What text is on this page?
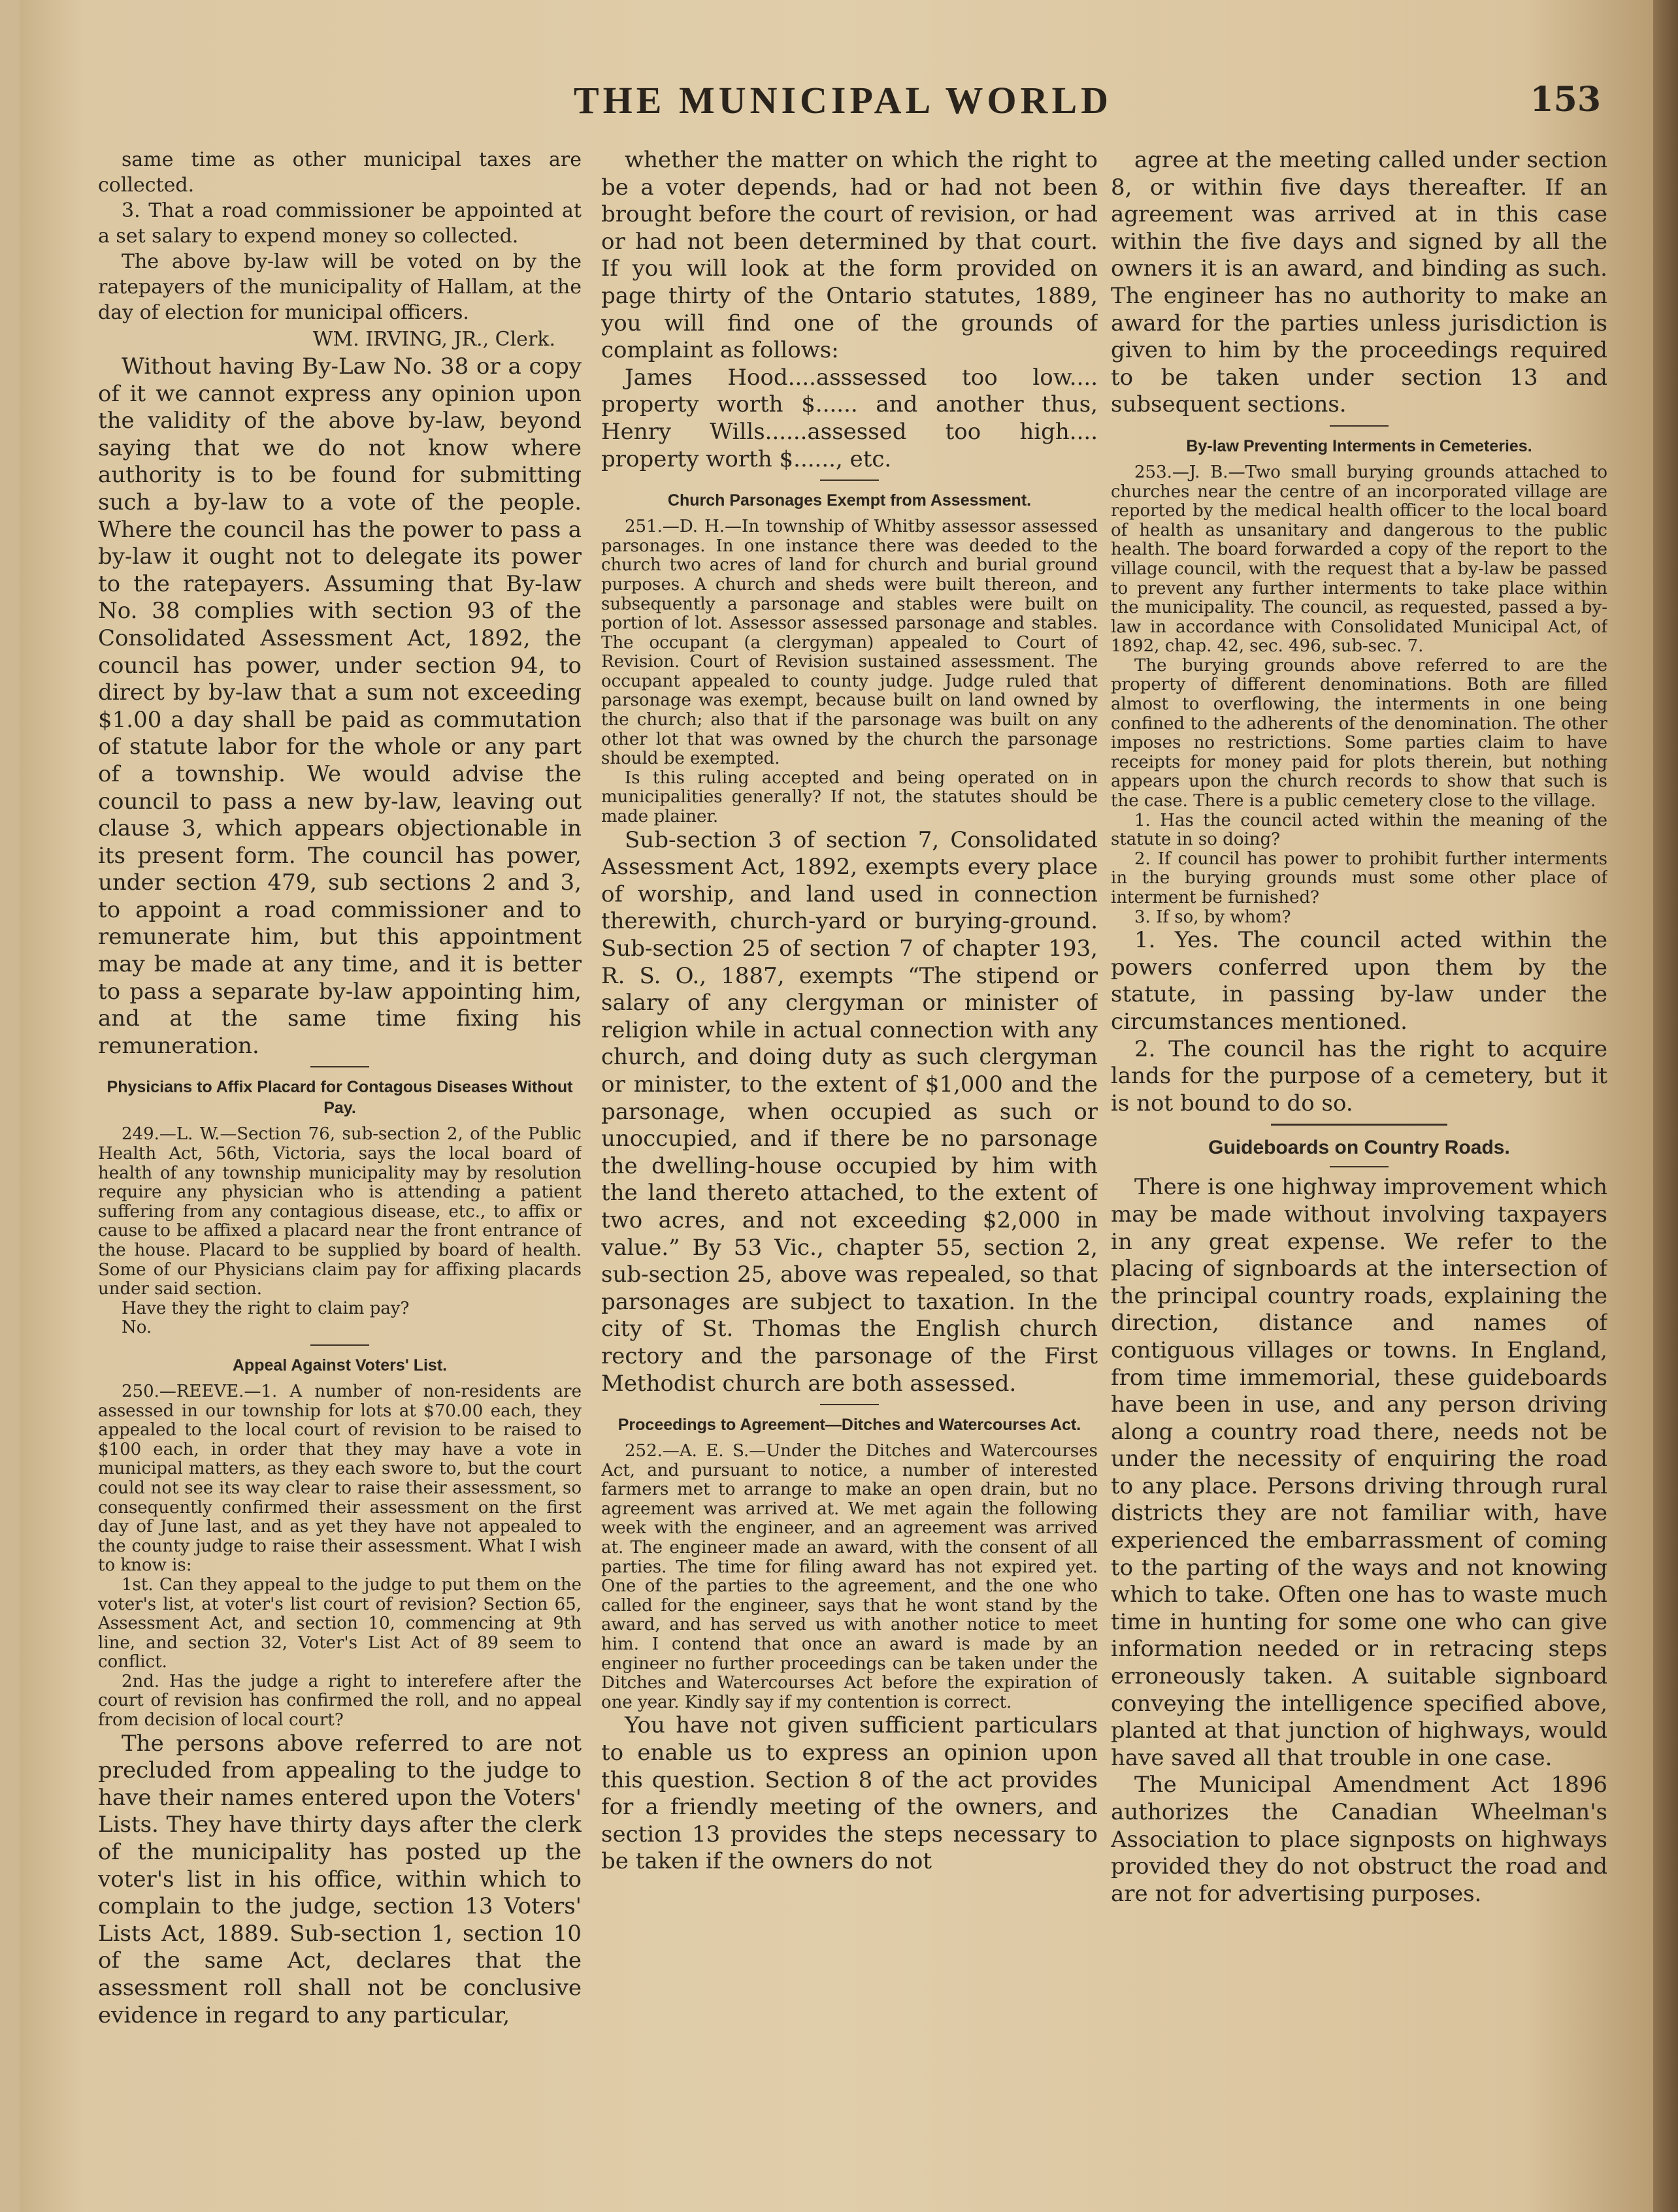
THE MUNICIPAL WORLD	153

same time as other municipal taxes are collected.

3. That a road commissioner be appointed at a set salary to expend money so collected.

The above by-law will be voted on by the ratepayers of the municipality of Hallam, at the day of election for municipal officers.

WM. IRVING, JR., Clerk.

Without having By-Law No. 38 or a copy of it we cannot express any opinion upon the validity of the above by-law, beyond saying that we do not know where authority is to be found for submitting such a by-law to a vote of the people. Where the council has the power to pass a by-law it ought not to delegate its power to the ratepayers. Assuming that By-law No. 38 complies with section 93 of the Consolidated Assessment Act, 1892, the council has power, under section 94, to direct by by-law that a sum not exceeding $1.00 a day shall be paid as commutation of statute labor for the whole or any part of a township. We would advise the council to pass a new by-law, leaving out clause 3, which appears objectionable in its present form. The council has power, under section 479, sub sections 2 and 3, to appoint a road commissioner and to remunerate him, but this appointment may be made at any time, and it is better to pass a separate by-law appointing him, and at the same time fixing his remuneration.

Physicians to Affix Placard for Contagous Diseases Without Pay.

249.—L. W.—Section 76, sub-section 2, of the Public Health Act, 56th, Victoria, says the local board of health of any township municipality may by resolution require any physician who is attending a patient suffering from any contagious disease, etc., to affix or cause to be affixed a placard near the front entrance of the house. Placard to be supplied by board of health. Some of our Physicians claim pay for affixing placards under said section.

Have they the right to claim pay?

No.

Appeal Against Voters' List.

250.—REEVE.—1. A number of non-residents are assessed in our township for lots at $70.00 each, they appealed to the local court of revision to be raised to $100 each, in order that they may have a vote in municipal matters, as they each swore to, but the court could not see its way clear to raise their assessment, so consequently confirmed their assessment on the first day of June last, and as yet they have not appealed to the county judge to raise their assessment. What I wish to know is:

1st. Can they appeal to the judge to put them on the voter's list, at voter's list court of revision? Section 65, Assessment Act, and section 10, commencing at 9th line, and section 32, Voter's List Act of 89 seem to conflict.

2nd. Has the judge a right to interefere after the court of revision has confirmed the roll, and no appeal from decision of local court?

The persons above referred to are not precluded from appealing to the judge to have their names entered upon the Voters' Lists. They have thirty days after the clerk of the municipality has posted up the voter's list in his office, within which to complain to the judge, section 13 Voters' Lists Act, 1889. Sub-section 1, section 10 of the same Act, declares that the assessment roll shall not be conclusive evidence in regard to any particular,

whether the matter on which the right to be a voter depends, had or had not been brought before the court of revision, or had or had not been determined by that court. If you will look at the form provided on page thirty of the Ontario statutes, 1889, you will find one of the grounds of complaint as follows:

James Hood....asssessed too low.... property worth $...... and another thus, Henry Wills......assessed too high.... property worth $......, etc.

Church Parsonages Exempt from Assessment.

251.—D. H.—In township of Whitby assessor assessed parsonages. In one instance there was deeded to the church two acres of land for church and burial ground purposes. A church and sheds were built thereon, and subsequently a parsonage and stables were built on portion of lot. Assessor assessed parsonage and stables. The occupant (a clergyman) appealed to Court of Revision. Court of Revision sustained assessment. The occupant appealed to county judge. Judge ruled that parsonage was exempt, because built on land owned by the church; also that if the parsonage was built on any other lot that was owned by the church the parsonage should be exempted.

Is this ruling accepted and being operated on in municipalities generally? If not, the statutes should be made plainer.

Sub-section 3 of section 7, Consolidated Assessment Act, 1892, exempts every place of worship, and land used in connection therewith, church-yard or burying-ground. Sub-section 25 of section 7 of chapter 193, R. S. O., 1887, exempts “The stipend or salary of any clergyman or minister of religion while in actual connection with any church, and doing duty as such clergyman or minister, to the extent of $1,000 and the parsonage, when occupied as such or unoccupied, and if there be no parsonage the dwelling-house occupied by him with the land thereto attached, to the extent of two acres, and not exceeding $2,000 in value.” By 53 Vic., chapter 55, section 2, sub-section 25, above was repealed, so that parsonages are subject to taxation. In the city of St. Thomas the English church rectory and the parsonage of the First Methodist church are both assessed.

Proceedings to Agreement—Ditches and Watercourses Act.

252.—A. E. S.—Under the Ditches and Watercourses Act, and pursuant to notice, a number of interested farmers met to arrange to make an open drain, but no agreement was arrived at. We met again the following week with the engineer, and an agreement was arrived at. The engineer made an award, with the consent of all parties. The time for filing award has not expired yet. One of the parties to the agreement, and the one who called for the engineer, says that he wont stand by the award, and has served us with another notice to meet him. I contend that once an award is made by an engineer no further proceedings can be taken under the Ditches and Watercourses Act before the expiration of one year. Kindly say if my contention is correct.

You have not given sufficient particulars to enable us to express an opinion upon this question. Section 8 of the act provides for a friendly meeting of the owners, and section 13 provides the steps necessary to be taken if the owners do not

agree at the meeting called under section 8, or within five days thereafter. If an agreement was arrived at in this case within the five days and signed by all the owners it is an award, and binding as such. The engineer has no authority to make an award for the parties unless jurisdiction is given to him by the proceedings required to be taken under section 13 and subsequent sections.

By-law Preventing Interments in Cemeteries.

253.—J. B.—Two small burying grounds attached to churches near the centre of an incorporated village are reported by the medical health officer to the local board of health as unsanitary and dangerous to the public health. The board forwarded a copy of the report to the village council, with the request that a by-law be passed to prevent any further interments to take place within the municipality. The council, as requested, passed a by-law in accordance with Consolidated Municipal Act, of 1892, chap. 42, sec. 496, sub-sec. 7.

The burying grounds above referred to are the property of different denominations. Both are filled almost to overflowing, the interments in one being confined to the adherents of the denomination. The other imposes no restrictions. Some parties claim to have receipts for money paid for plots therein, but nothing appears upon the church records to show that such is the case. There is a public cemetery close to the village.

1. Has the council acted within the meaning of the statute in so doing?

2. If council has power to prohibit further interments in the burying grounds must some other place of interment be furnished?

3. If so, by whom?

1. Yes. The council acted within the powers conferred upon them by the statute, in passing by-law under the circumstances mentioned.

2. The council has the right to acquire lands for the purpose of a cemetery, but it is not bound to do so.

Guideboards on Country Roads.

There is one highway improvement which may be made without involving taxpayers in any great expense. We refer to the placing of signboards at the intersection of the principal country roads, explaining the direction, distance and names of contiguous villages or towns. In England, from time immemorial, these guideboards have been in use, and any person driving along a country road there, needs not be under the necessity of enquiring the road to any place. Persons driving through rural districts they are not familiar with, have experienced the embarrassment of coming to the parting of the ways and not knowing which to take. Often one has to waste much time in hunting for some one who can give information needed or in retracing steps erroneously taken. A suitable signboard conveying the intelligence specified above, planted at that junction of highways, would have saved all that trouble in one case.

The Municipal Amendment Act 1896 authorizes the Canadian Wheelman's Association to place signposts on highways provided they do not obstruct the road and are not for advertising purposes.
